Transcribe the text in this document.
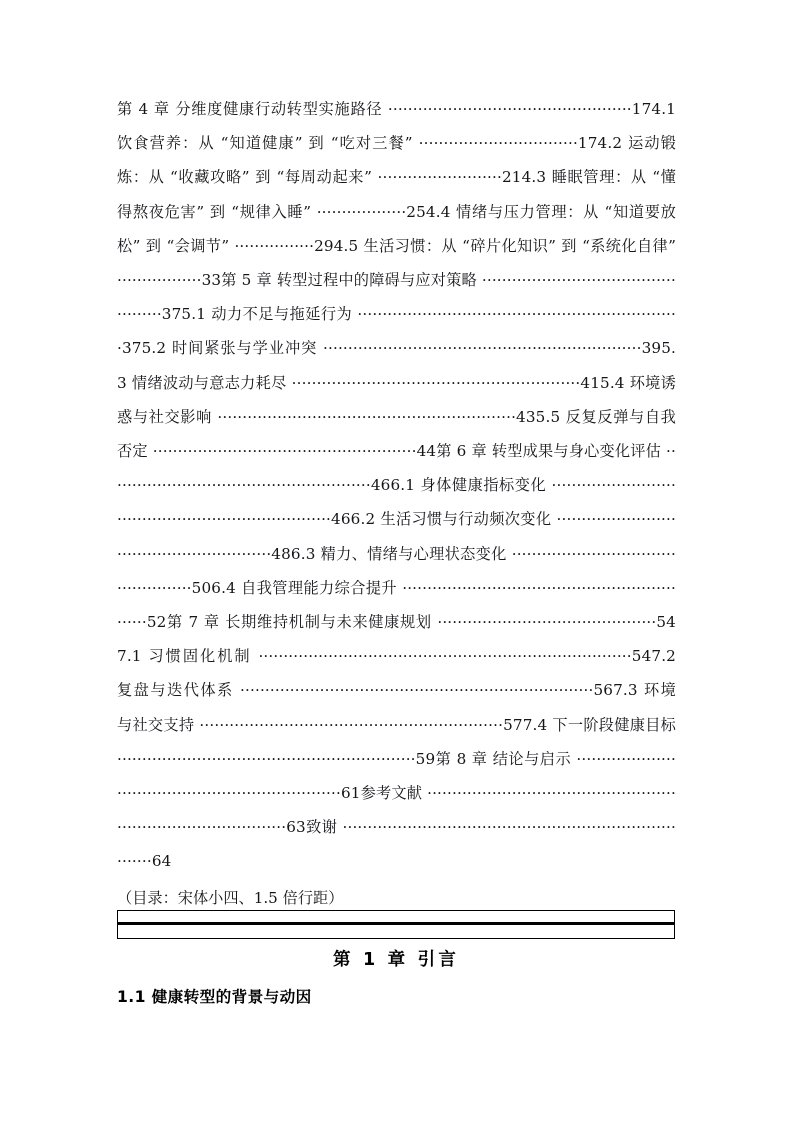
第 4 章 分维度健康行动转型实施路径 ·················································174.1 饮食营养：从 “知道健康” 到 “吃对三餐” ································174.2 运动锻炼：从 “收藏攻略” 到 “每周动起来” ·························214.3 睡眠管理：从 “懂得熬夜危害” 到 “规律入睡” ··················254.4 情绪与压力管理：从 “知道要放松” 到 “会调节” ················294.5 生活习惯：从 “碎片化知识” 到 “系统化自律” ·················33第 5 章 转型过程中的障碍与应对策略 ················································375.1 动力不足与拖延行为 ·································································375.2 时间紧张与学业冲突 ································································395.3 情绪波动与意志力耗尽 ··························································415.4 环境诱惑与社交影响 ····························································435.5 反复反弹与自我否定 ·····················································44第 6 章 转型成果与身心变化评估 ·····················································466.1 身体健康指标变化 ····································································466.2 生活习惯与行动频次变化 ·······················································486.3 精力、情绪与心理状态变化 ················································506.4 自我管理能力综合提升 ·····························································52第 7 章 长期维持机制与未来健康规划 ············································547.1 习惯固化机制 ···········································································547.2 复盘与迭代体系 ·······································································567.3 环境与社交支持 ·····························································577.4 下一阶段健康目标 ····························································59第 8 章 结论与启示 ·································································61参考文献 ····················································································63致谢 ··········································································64
（目录：宋体小四、1.5 倍行距）
第 1 章 引言
1.1 健康转型的背景与动因
